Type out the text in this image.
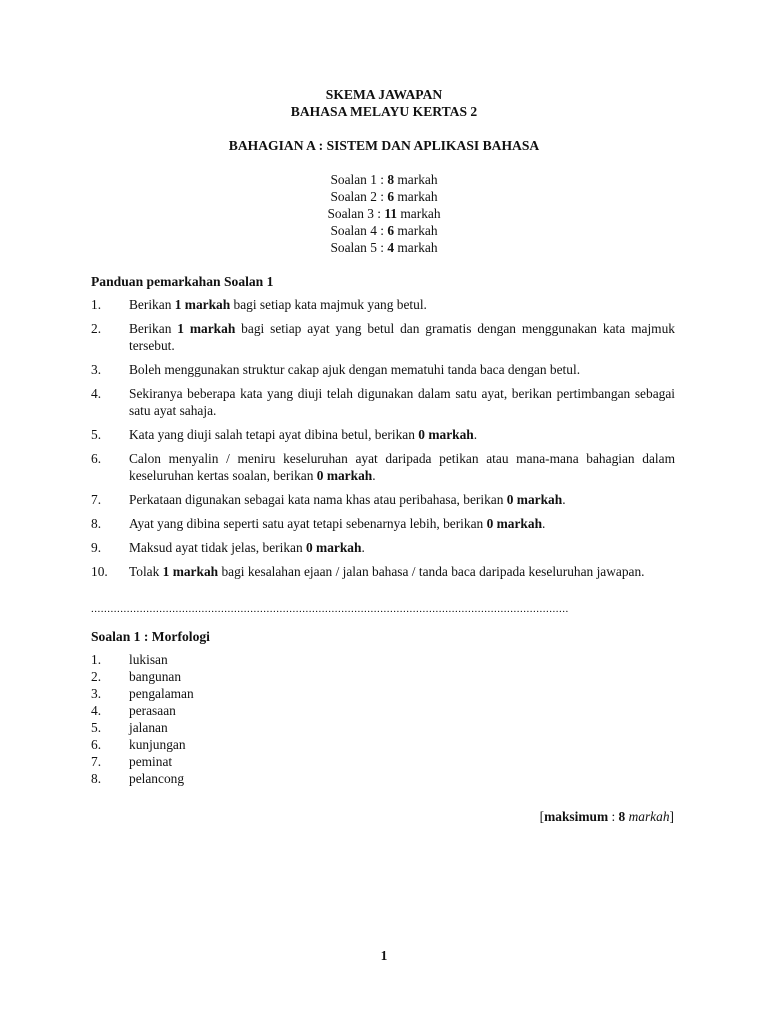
SKEMA JAWAPAN
BAHASA MELAYU KERTAS 2
BAHAGIAN A : SISTEM DAN APLIKASI BAHASA
Soalan 1 : 8 markah
Soalan 2 : 6 markah
Soalan 3 : 11 markah
Soalan 4 : 6 markah
Soalan 5 : 4 markah
Panduan pemarkahan Soalan 1
1.	Berikan 1 markah bagi setiap kata majmuk yang betul.
2.	Berikan 1 markah bagi setiap ayat yang betul dan gramatis dengan menggunakan kata majmuk tersebut.
3.	Boleh menggunakan struktur cakap ajuk dengan mematuhi tanda baca dengan betul.
4.	Sekiranya beberapa kata yang diuji telah digunakan dalam satu ayat, berikan pertimbangan sebagai satu ayat sahaja.
5.	Kata yang diuji salah tetapi ayat dibina betul, berikan 0 markah.
6.	Calon menyalin / meniru keseluruhan ayat daripada petikan atau mana-mana bahagian dalam keseluruhan kertas soalan, berikan 0 markah.
7.	Perkataan digunakan sebagai kata nama khas atau peribahasa, berikan 0 markah.
8.	Ayat yang dibina seperti satu ayat tetapi sebenarnya lebih, berikan 0 markah.
9.	Maksud ayat tidak jelas, berikan 0 markah.
10.	Tolak 1 markah bagi kesalahan ejaan / jalan bahasa / tanda baca daripada keseluruhan jawapan.
...................................................................................................................................................
Soalan 1 : Morfologi
1.	lukisan
2.	bangunan
3.	pengalaman
4.	perasaan
5.	jalanan
6.	kunjungan
7.	peminat
8.	pelancong
[maksimum : 8 markah]
1
